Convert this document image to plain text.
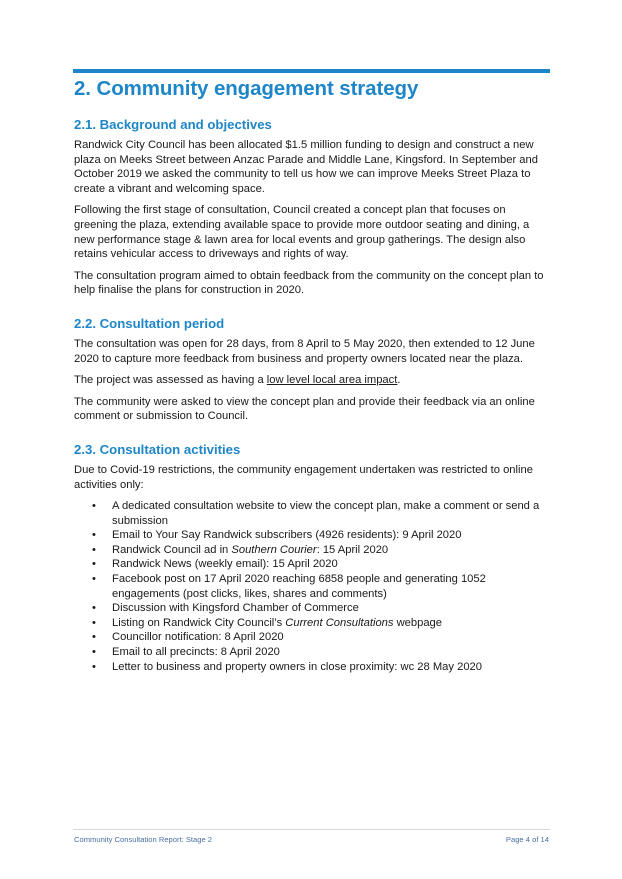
2. Community engagement strategy
2.1. Background and objectives

Randwick City Council has been allocated $1.5 million funding to design and construct a new plaza on Meeks Street between Anzac Parade and Middle Lane, Kingsford. In September and October 2019 we asked the community to tell us how we can improve Meeks Street Plaza to create a vibrant and welcoming space.

Following the first stage of consultation, Council created a concept plan that focuses on greening the plaza, extending available space to provide more outdoor seating and dining, a new performance stage & lawn area for local events and group gatherings. The design also retains vehicular access to driveways and rights of way.

The consultation program aimed to obtain feedback from the community on the concept plan to help finalise the plans for construction in 2020.

2.2. Consultation period

The consultation was open for 28 days, from 8 April to 5 May 2020, then extended to 12 June 2020 to capture more feedback from business and property owners located near the plaza.

The project was assessed as having a low level local area impact.

The community were asked to view the concept plan and provide their feedback via an online comment or submission to Council.

2.3. Consultation activities

Due to Covid-19 restrictions, the community engagement undertaken was restricted to online activities only:

• A dedicated consultation website to view the concept plan, make a comment or send a submission
• Email to Your Say Randwick subscribers (4926 residents): 9 April 2020
• Randwick Council ad in Southern Courier: 15 April 2020
• Randwick News (weekly email): 15 April 2020
• Facebook post on 17 April 2020 reaching 6858 people and generating 1052 engagements (post clicks, likes, shares and comments)
• Discussion with Kingsford Chamber of Commerce
• Listing on Randwick City Council’s Current Consultations webpage
• Councillor notification: 8 April 2020
• Email to all precincts: 8 April 2020
• Letter to business and property owners in close proximity: wc 28 May 2020
Community Consultation Report: Stage 2	Page 4 of 14
